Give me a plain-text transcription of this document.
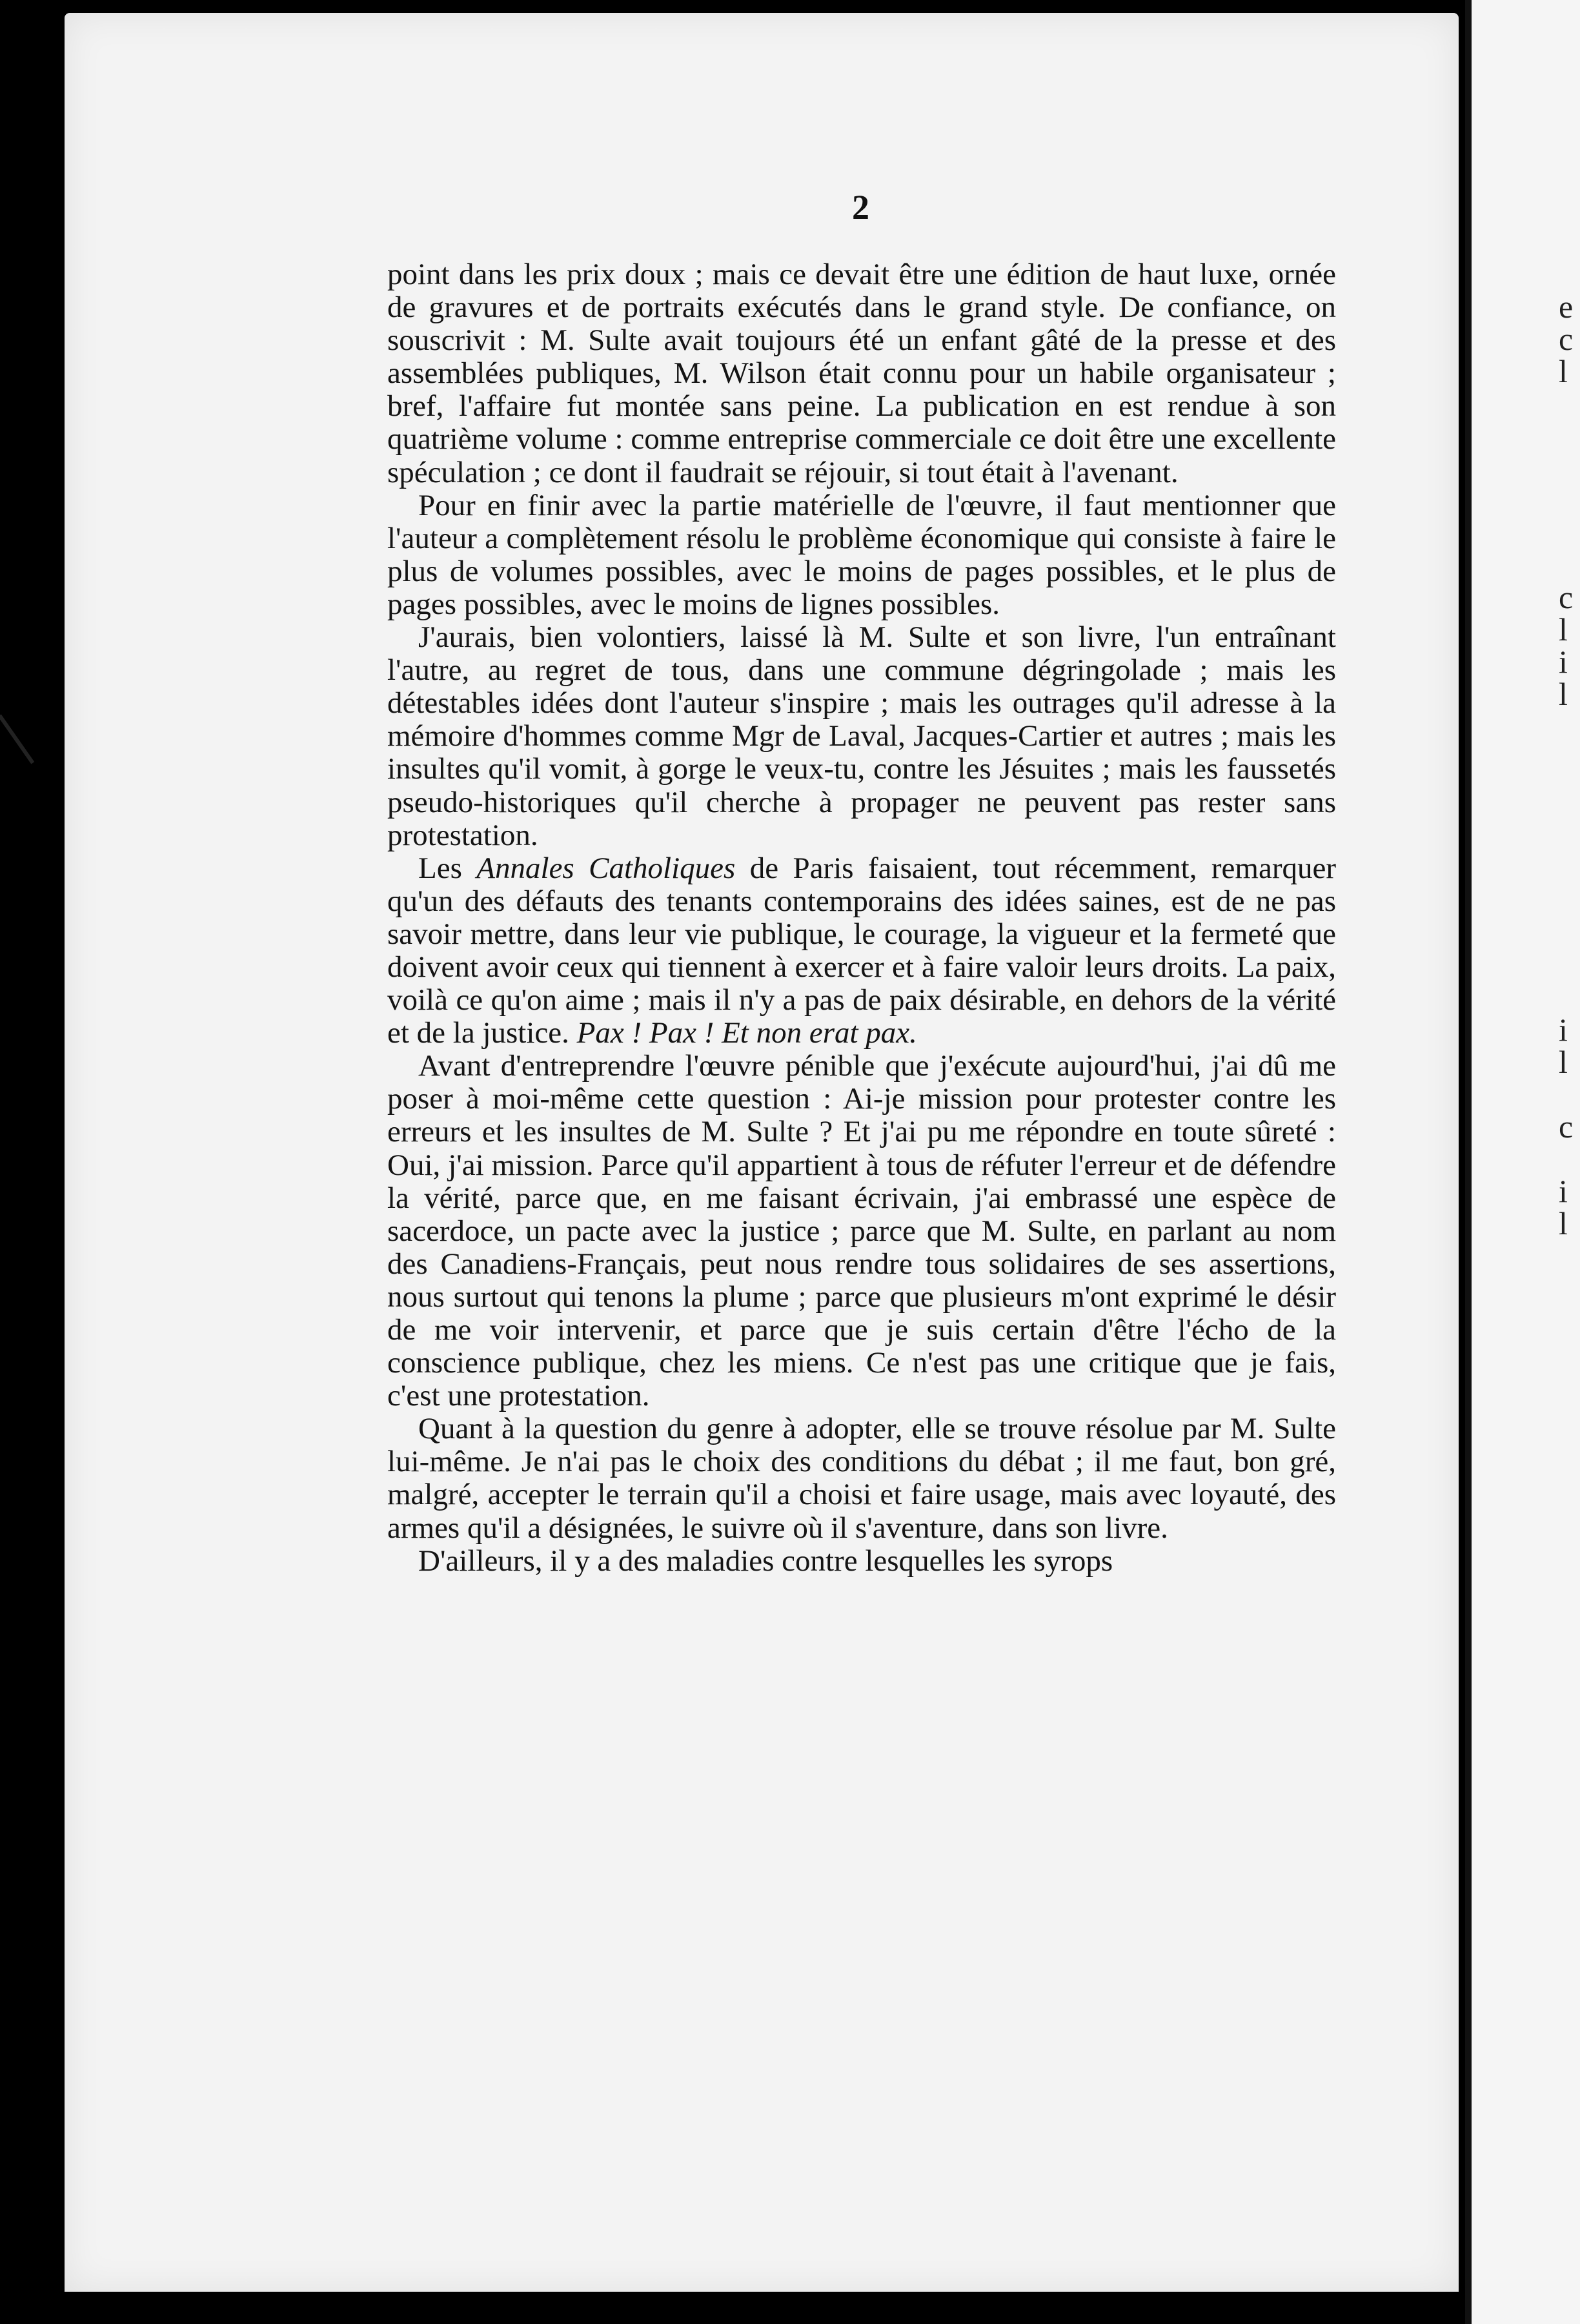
e
c
l
c
l
i
l
i
l
c
i
l
2

point dans les prix doux ; mais ce devait être une édition de haut luxe, ornée de gravures et de portraits exécutés dans le grand style. De confiance, on souscrivit : M. Sulte avait toujours été un enfant gâté de la presse et des assemblées publiques, M. Wilson était connu pour un habile organisateur ; bref, l'affaire fut montée sans peine. La publication en est rendue à son quatrième volume : comme entreprise commerciale ce doit être une excellente spéculation ; ce dont il faudrait se réjouir, si tout était à l'avenant.

Pour en finir avec la partie matérielle de l'œuvre, il faut mentionner que l'auteur a complètement résolu le problème économique qui consiste à faire le plus de volumes possibles, avec le moins de pages possibles, et le plus de pages possibles, avec le moins de lignes possibles.

J'aurais, bien volontiers, laissé là M. Sulte et son livre, l'un entraînant l'autre, au regret de tous, dans une commune dégringolade ; mais les détestables idées dont l'auteur s'inspire ; mais les outrages qu'il adresse à la mémoire d'hommes comme Mgr de Laval, Jacques-Cartier et autres ; mais les insultes qu'il vomit, à gorge le veux-tu, contre les Jésuites ; mais les faussetés pseudo-historiques qu'il cherche à propager ne peuvent pas rester sans protestation.

Les Annales Catholiques de Paris faisaient, tout récemment, remarquer qu'un des défauts des tenants contemporains des idées saines, est de ne pas savoir mettre, dans leur vie publique, le courage, la vigueur et la fermeté que doivent avoir ceux qui tiennent à exercer et à faire valoir leurs droits. La paix, voilà ce qu'on aime ; mais il n'y a pas de paix désirable, en dehors de la vérité et de la justice. Pax ! Pax ! Et non erat pax.

Avant d'entreprendre l'œuvre pénible que j'exécute aujourd'hui, j'ai dû me poser à moi-même cette question : Ai-je mission pour protester contre les erreurs et les insultes de M. Sulte ? Et j'ai pu me répondre en toute sûreté : Oui, j'ai mission. Parce qu'il appartient à tous de réfuter l'erreur et de défendre la vérité, parce que, en me faisant écrivain, j'ai embrassé une espèce de sacerdoce, un pacte avec la justice ; parce que M. Sulte, en parlant au nom des Canadiens-Français, peut nous rendre tous solidaires de ses assertions, nous surtout qui tenons la plume ; parce que plusieurs m'ont exprimé le désir de me voir intervenir, et parce que je suis certain d'être l'écho de la conscience publique, chez les miens. Ce n'est pas une critique que je fais, c'est une protestation.

Quant à la question du genre à adopter, elle se trouve résolue par M. Sulte lui-même. Je n'ai pas le choix des conditions du débat ; il me faut, bon gré, malgré, accepter le terrain qu'il a choisi et faire usage, mais avec loyauté, des armes qu'il a désignées, le suivre où il s'aventure, dans son livre.

D'ailleurs, il y a des maladies contre lesquelles les syrops
